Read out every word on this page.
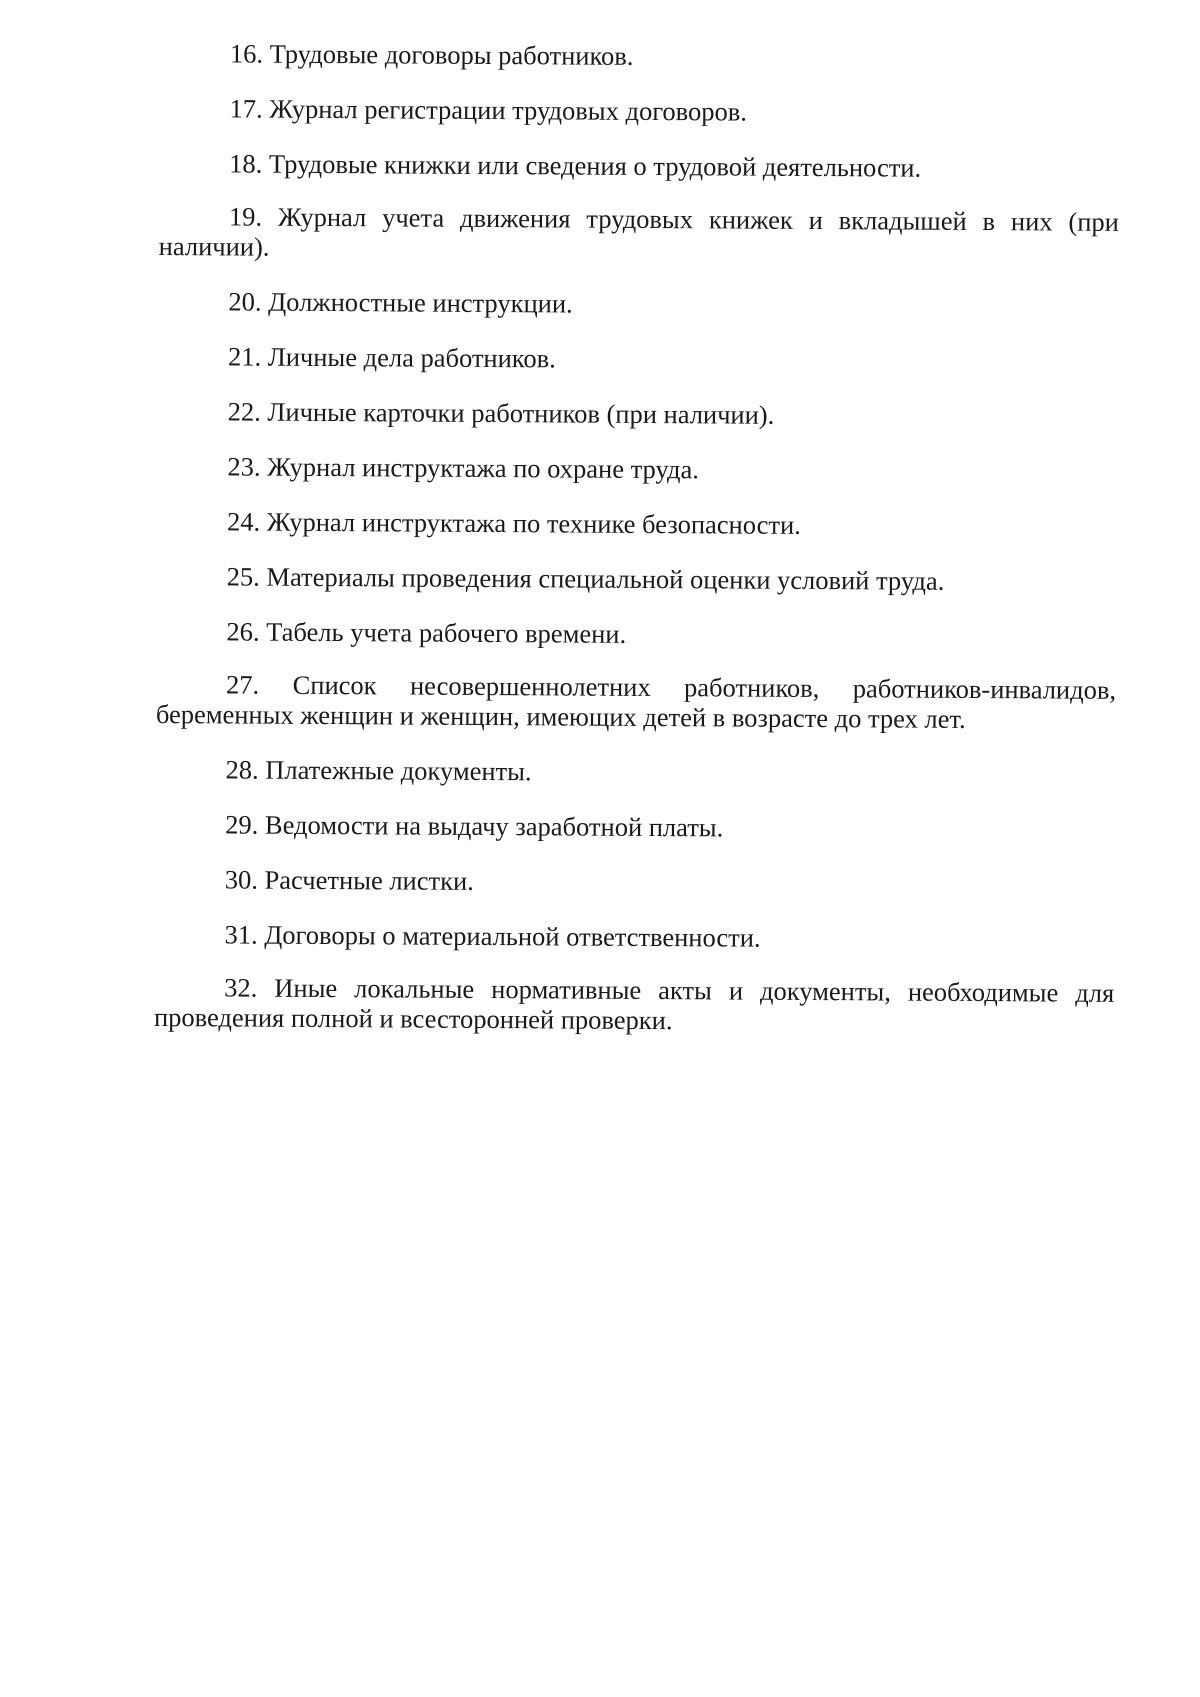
16. Трудовые договоры работников.
17. Журнал регистрации трудовых договоров.
18. Трудовые книжки или сведения о трудовой деятельности.
19. Журнал учета движения трудовых книжек и вкладышей в них (при наличии).
20. Должностные инструкции.
21. Личные дела работников.
22. Личные карточки работников (при наличии).
23. Журнал инструктажа по охране труда.
24. Журнал инструктажа по технике безопасности.
25. Материалы проведения специальной оценки условий труда.
26. Табель учета рабочего времени.
27. Список несовершеннолетних работников, работников-инвалидов, беременных женщин и женщин, имеющих детей в возрасте до трех лет.
28. Платежные документы.
29. Ведомости на выдачу заработной платы.
30. Расчетные листки.
31. Договоры о материальной ответственности.
32. Иные локальные нормативные акты и документы, необходимые для проведения полной и всесторонней проверки.
